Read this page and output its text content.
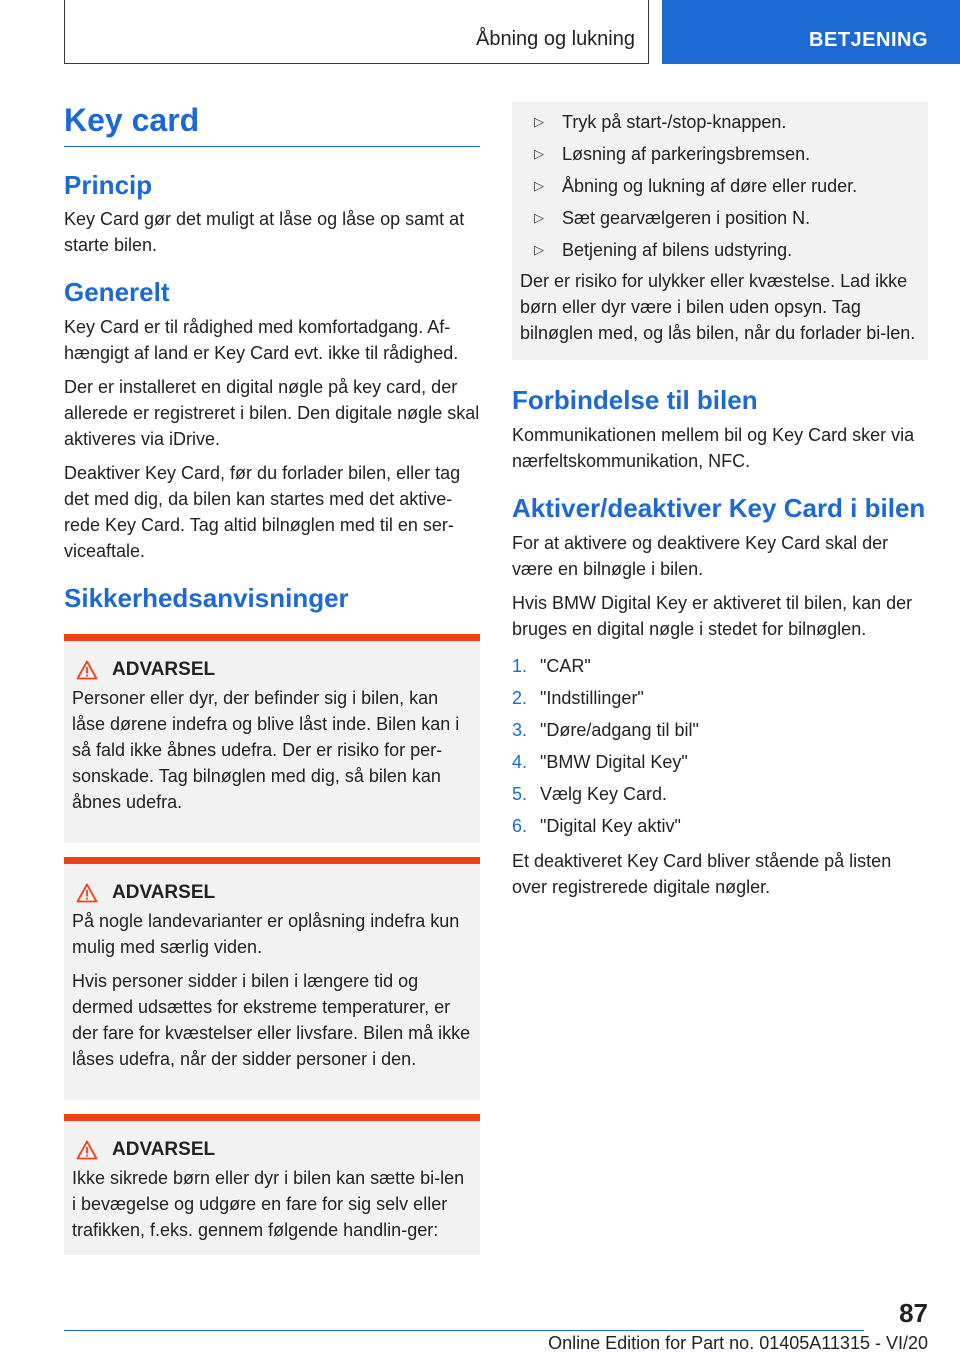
Åbning og lukning	BETJENING
Key card
Princip

Key Card gør det muligt at låse og låse op samt at starte bilen.

Generelt

Key Card er til rådighed med komfortadgang. Af-hængigt af land er Key Card evt. ikke til rådighed.

Der er installeret en digital nøgle på key card, der allerede er registreret i bilen. Den digitale nøgle skal aktiveres via iDrive.

Deaktiver Key Card, før du forlader bilen, eller tag det med dig, da bilen kan startes med det aktive-rede Key Card. Tag altid bilnøglen med til en ser-viceaftale.

Sikkerhedsanvisninger
ADVARSEL

Personer eller dyr, der befinder sig i bilen, kan låse dørene indefra og blive låst inde. Bilen kan i så fald ikke åbnes udefra. Der er risiko for per-sonskade. Tag bilnøglen med dig, så bilen kan åbnes udefra.

ADVARSEL

På nogle landevarianter er oplåsning indefra kun mulig med særlig viden.

Hvis personer sidder i bilen i længere tid og dermed udsættes for ekstreme temperaturer, er der fare for kvæstelser eller livsfare. Bilen må ikke låses udefra, når der sidder personer i den.

ADVARSEL

Ikke sikrede børn eller dyr i bilen kan sætte bi-len i bevægelse og udgøre en fare for sig selv eller trafikken, f.eks. gennem følgende handlin-ger:

▷	Tryk på start-/stop-knappen.
▷	Løsning af parkeringsbremsen.
▷	Åbning og lukning af døre eller ruder.
▷	Sæt gearvælgeren i position N.
▷	Betjening af bilens udstyring.

Der er risiko for ulykker eller kvæstelse. Lad ikke børn eller dyr være i bilen uden opsyn. Tag bilnøglen med, og lås bilen, når du forlader bi-len.

Forbindelse til bilen

Kommunikationen mellem bil og Key Card sker via nærfeltskommunikation, NFC.

Aktiver/deaktiver Key Card i bilen

For at aktivere og deaktivere Key Card skal der være en bilnøgle i bilen.

Hvis BMW Digital Key er aktiveret til bilen, kan der bruges en digital nøgle i stedet for bilnøglen.

1. "CAR"
2. "Indstillinger"
3. "Døre/adgang til bil"
4. "BMW Digital Key"
5. Vælg Key Card.
6. "Digital Key aktiv"

Et deaktiveret Key Card bliver stående på listen over registrerede digitale nøgler.

87
Online Edition for Part no. 01405A11315 - VI/20
